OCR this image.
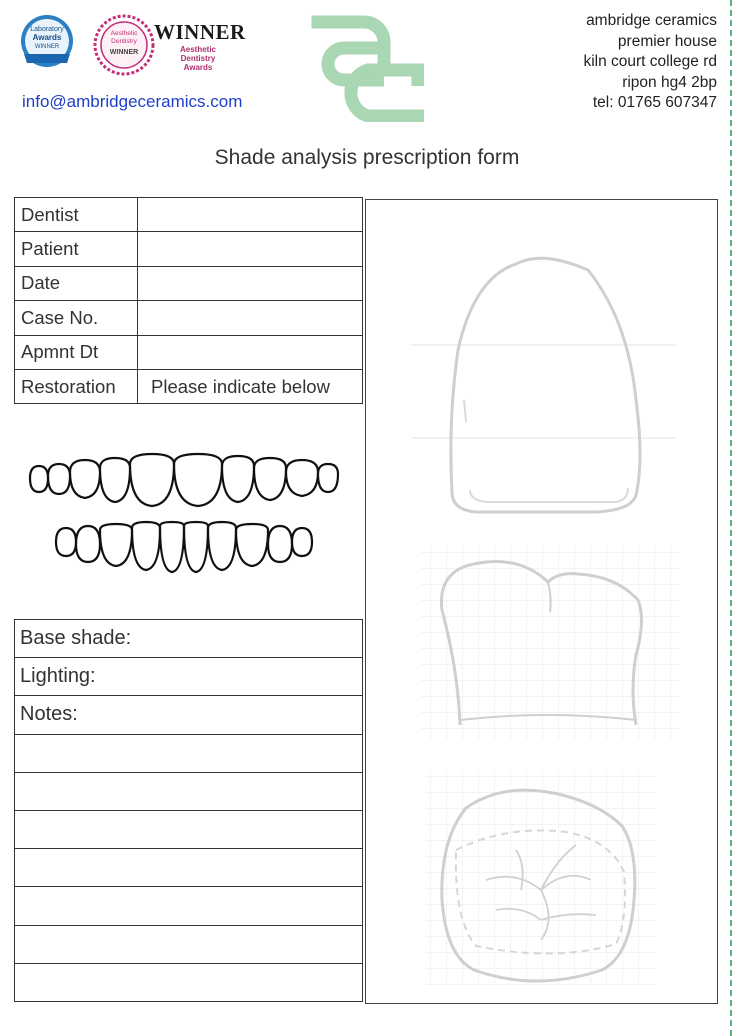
Laboratory
Awards
WINNER
Aesthetic
Dentistry
WINNER
WINNER
Aesthetic
Dentistry
Awards
info@ambridgeceramics.com
ambridge ceramics
premier house
kiln court college rd
ripon hg4 2bp
tel: 01765 607347
Shade analysis prescription form
Dentist	
Patient	
Date	
Case No.	
Apmnt Dt	
Restoration	Please indicate below
Base shade:
Lighting:
Notes:
